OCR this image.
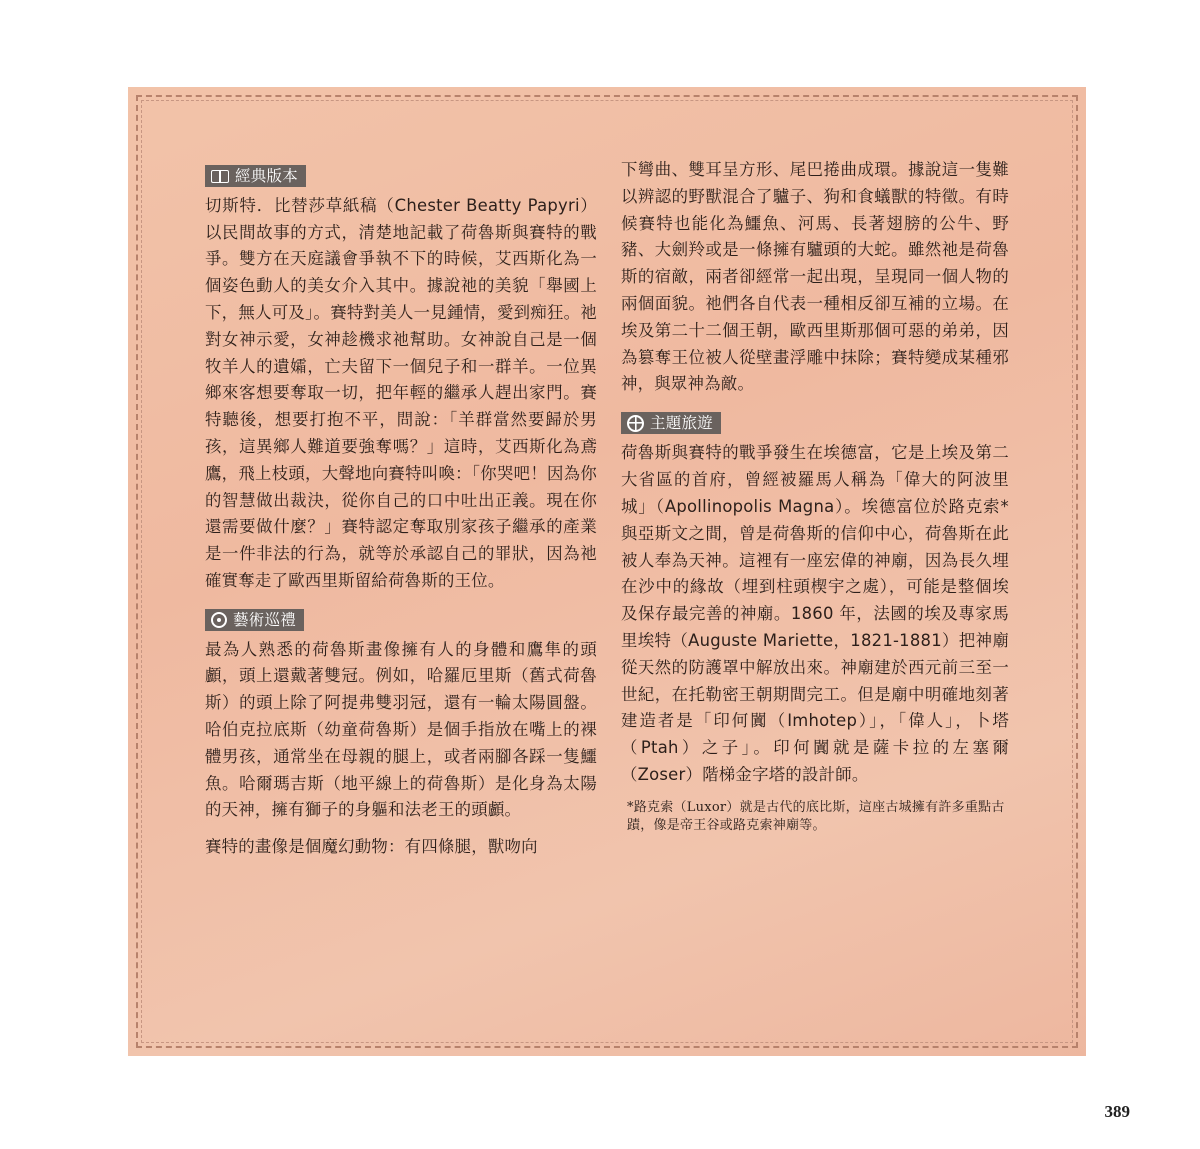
經典版本

切斯特．比替莎草紙稿（Chester Beatty Papyri）以民間故事的方式，清楚地記載了荷魯斯與賽特的戰爭。雙方在天庭議會爭執不下的時候，艾西斯化為一個姿色動人的美女介入其中。據說祂的美貌「舉國上下，無人可及」。賽特對美人一見鍾情，愛到痴狂。祂對女神示愛，女神趁機求祂幫助。女神說自己是一個牧羊人的遺孀，亡夫留下一個兒子和一群羊。一位異鄉來客想要奪取一切，把年輕的繼承人趕出家門。賽特聽後，想要打抱不平，問說：「羊群當然要歸於男孩，這異鄉人難道要強奪嗎？」這時，艾西斯化為鳶鷹，飛上枝頭，大聲地向賽特叫喚：「你哭吧！因為你的智慧做出裁決，從你自己的口中吐出正義。現在你還需要做什麼？」賽特認定奪取別家孩子繼承的產業是一件非法的行為，就等於承認自己的罪狀，因為祂確實奪走了歐西里斯留給荷魯斯的王位。

藝術巡禮

最為人熟悉的荷魯斯畫像擁有人的身體和鷹隼的頭顱，頭上還戴著雙冠。例如，哈羅厄里斯（舊式荷魯斯）的頭上除了阿提弗雙羽冠，還有一輪太陽圓盤。哈伯克拉底斯（幼童荷魯斯）是個手指放在嘴上的裸體男孩，通常坐在母親的腿上，或者兩腳各踩一隻鱷魚。哈爾瑪吉斯（地平線上的荷魯斯）是化身為太陽的天神，擁有獅子的身軀和法老王的頭顱。

賽特的畫像是個魔幻動物：有四條腿，獸吻向

下彎曲、雙耳呈方形、尾巴捲曲成環。據說這一隻難以辨認的野獸混合了驢子、狗和食蟻獸的特徵。有時候賽特也能化為鱷魚、河馬、長著翅膀的公牛、野豬、大劍羚或是一條擁有驢頭的大蛇。雖然祂是荷魯斯的宿敵，兩者卻經常一起出現，呈現同一個人物的兩個面貌。祂們各自代表一種相反卻互補的立場。在埃及第二十二個王朝，歐西里斯那個可惡的弟弟，因為篡奪王位被人從壁畫浮雕中抹除；賽特變成某種邪神，與眾神為敵。

主題旅遊

荷魯斯與賽特的戰爭發生在埃德富，它是上埃及第二大省區的首府，曾經被羅馬人稱為「偉大的阿波里城」（Apollinopolis Magna）。埃德富位於路克索*與亞斯文之間，曾是荷魯斯的信仰中心，荷魯斯在此被人奉為天神。這裡有一座宏偉的神廟，因為長久埋在沙中的緣故（埋到柱頭楔宇之處），可能是整個埃及保存最完善的神廟。1860 年，法國的埃及專家馬里埃特（Auguste Mariette，1821-1881）把神廟從天然的防護罩中解放出來。神廟建於西元前三至一世紀，在托勒密王朝期間完工。但是廟中明確地刻著建造者是「印何闐（Imhotep）」，「偉人」，卜塔（Ptah）之子」。印何闐就是薩卡拉的左塞爾（Zoser）階梯金字塔的設計師。

*路克索（Luxor）就是古代的底比斯，這座古城擁有許多重點古蹟，像是帝王谷或路克索神廟等。

389
